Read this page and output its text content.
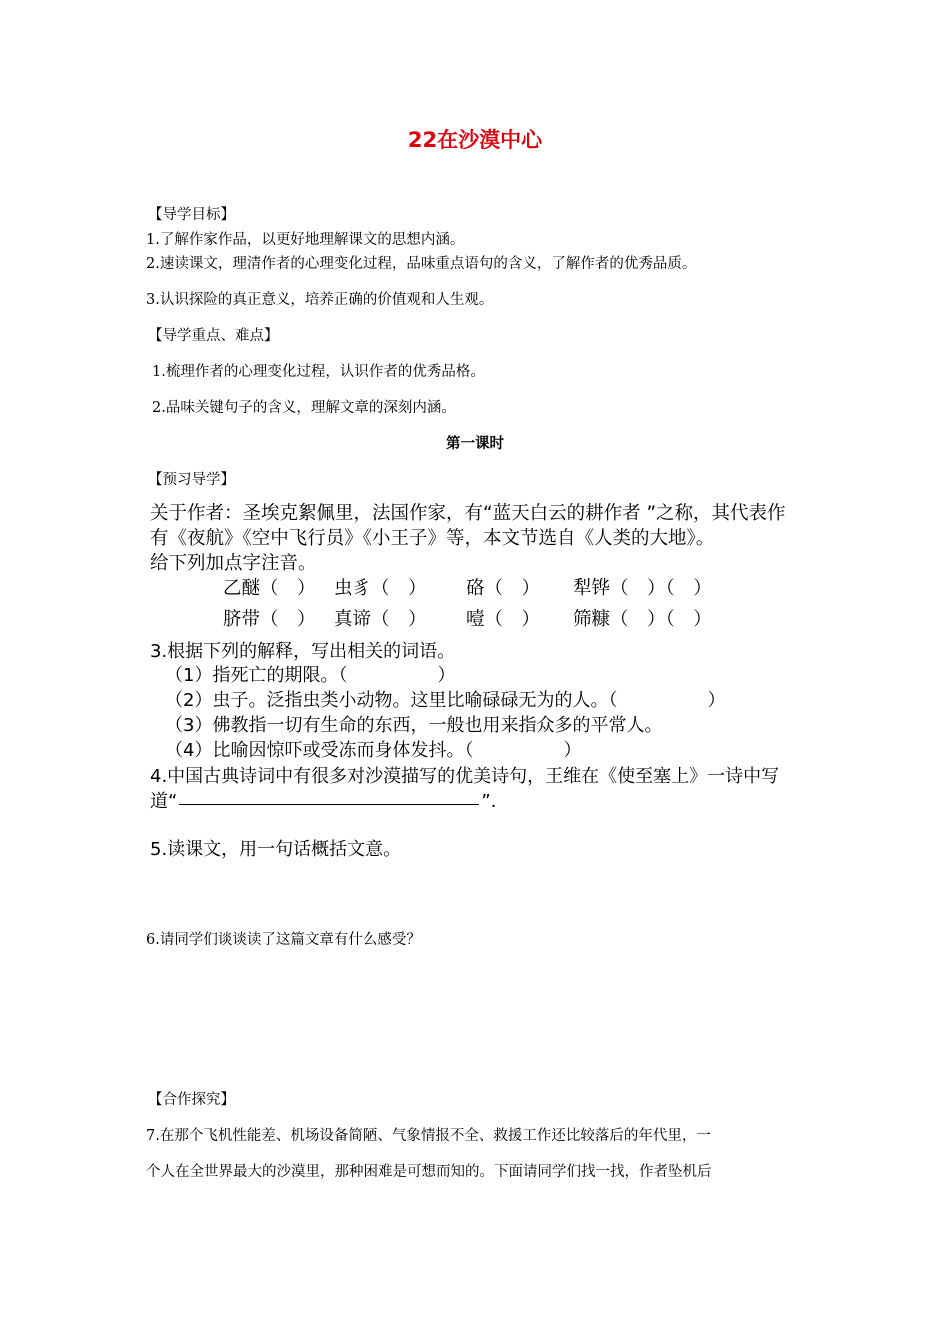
22在沙漠中心
【导学目标】
1.了解作家作品，以更好地理解课文的思想内涵。
2.速读课文，理清作者的心理变化过程，品味重点语句的含义，了解作者的优秀品质。
3.认识探险的真正意义，培养正确的价值观和人生观。
【导学重点、难点】
1.梳理作者的心理变化过程，认识作者的优秀品格。
2.品味关键句子的含义，理解文章的深刻内涵。
第一课时
【预习导学】
关于作者：圣埃克絮佩里，法国作家，有“蓝天白云的耕作者 ”之称，其代表作
有《夜航》《空中飞行员》《小王子》等，本文节选自《人类的大地》。
给下列加点字注音。
乙醚（　） 虫豸（　） 硌（　） 犁铧（　）（　）
脐带（　） 真谛（　） 噎（　） 筛糠（　）（　）
3.根据下列的解释，写出相关的词语。
（1）指死亡的期限。（　　　　　）
（2）虫子。泛指虫类小动物。这里比喻碌碌无为的人。（　　　　　）
（3）佛教指一切有生命的东西，一般也用来指众多的平常人。
（4）比喻因惊吓或受冻而身体发抖。（　　　　　）
4.中国古典诗词中有很多对沙漠描写的优美诗句，王维在《使至塞上》一诗中写
道“	”.
5.读课文，用一句话概括文意。
6.请同学们谈谈读了这篇文章有什么感受？
【合作探究】
7.在那个飞机性能差、机场设备简陋、气象情报不全、救援工作还比较落后的年代里，一
个人在全世界最大的沙漠里，那种困难是可想而知的。下面请同学们找一找，作者坠机后
